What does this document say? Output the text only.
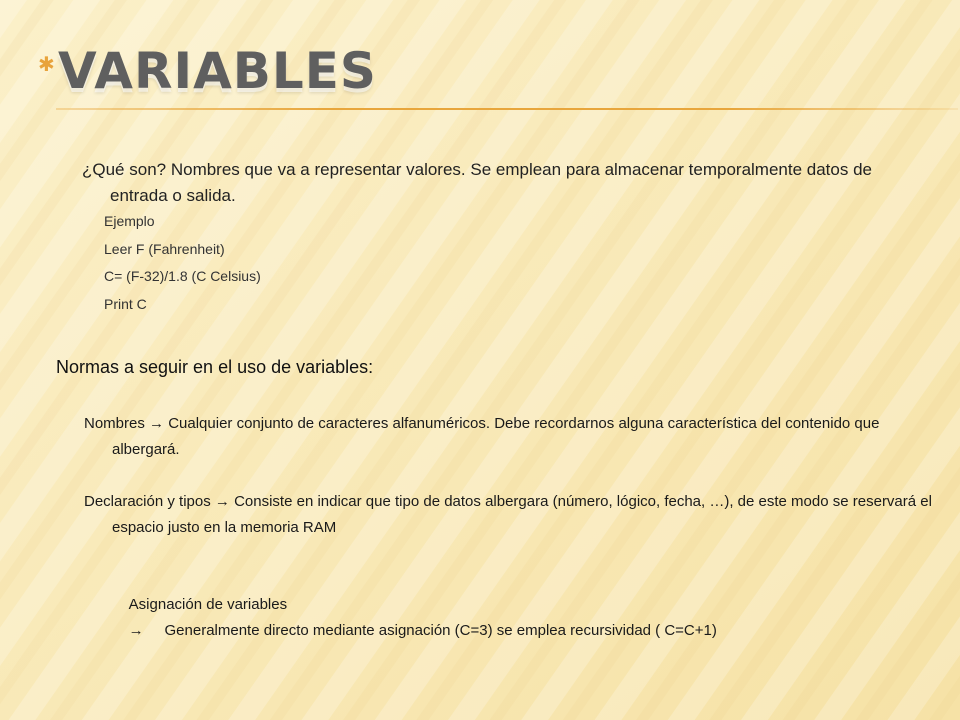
✱ VARIABLES
¿Qué son? Nombres que va a representar valores. Se emplean para almacenar temporalmente datos de entrada o salida.
Ejemplo
Leer F (Fahrenheit)
C= (F-32)/1.8 (C Celsius)
Print C
Normas a seguir en el uso de variables:
Nombres → Cualquier conjunto de caracteres alfanuméricos. Debe recordarnos alguna característica del contenido que albergará.
Declaración y tipos → Consiste en indicar que tipo de datos albergara (número, lógico, fecha, …), de este modo se reservará el espacio justo en la memoria RAM

Asignación de variables
→     Generalmente directo mediante asignación (C=3) se emplea recursividad ( C=C+1)
